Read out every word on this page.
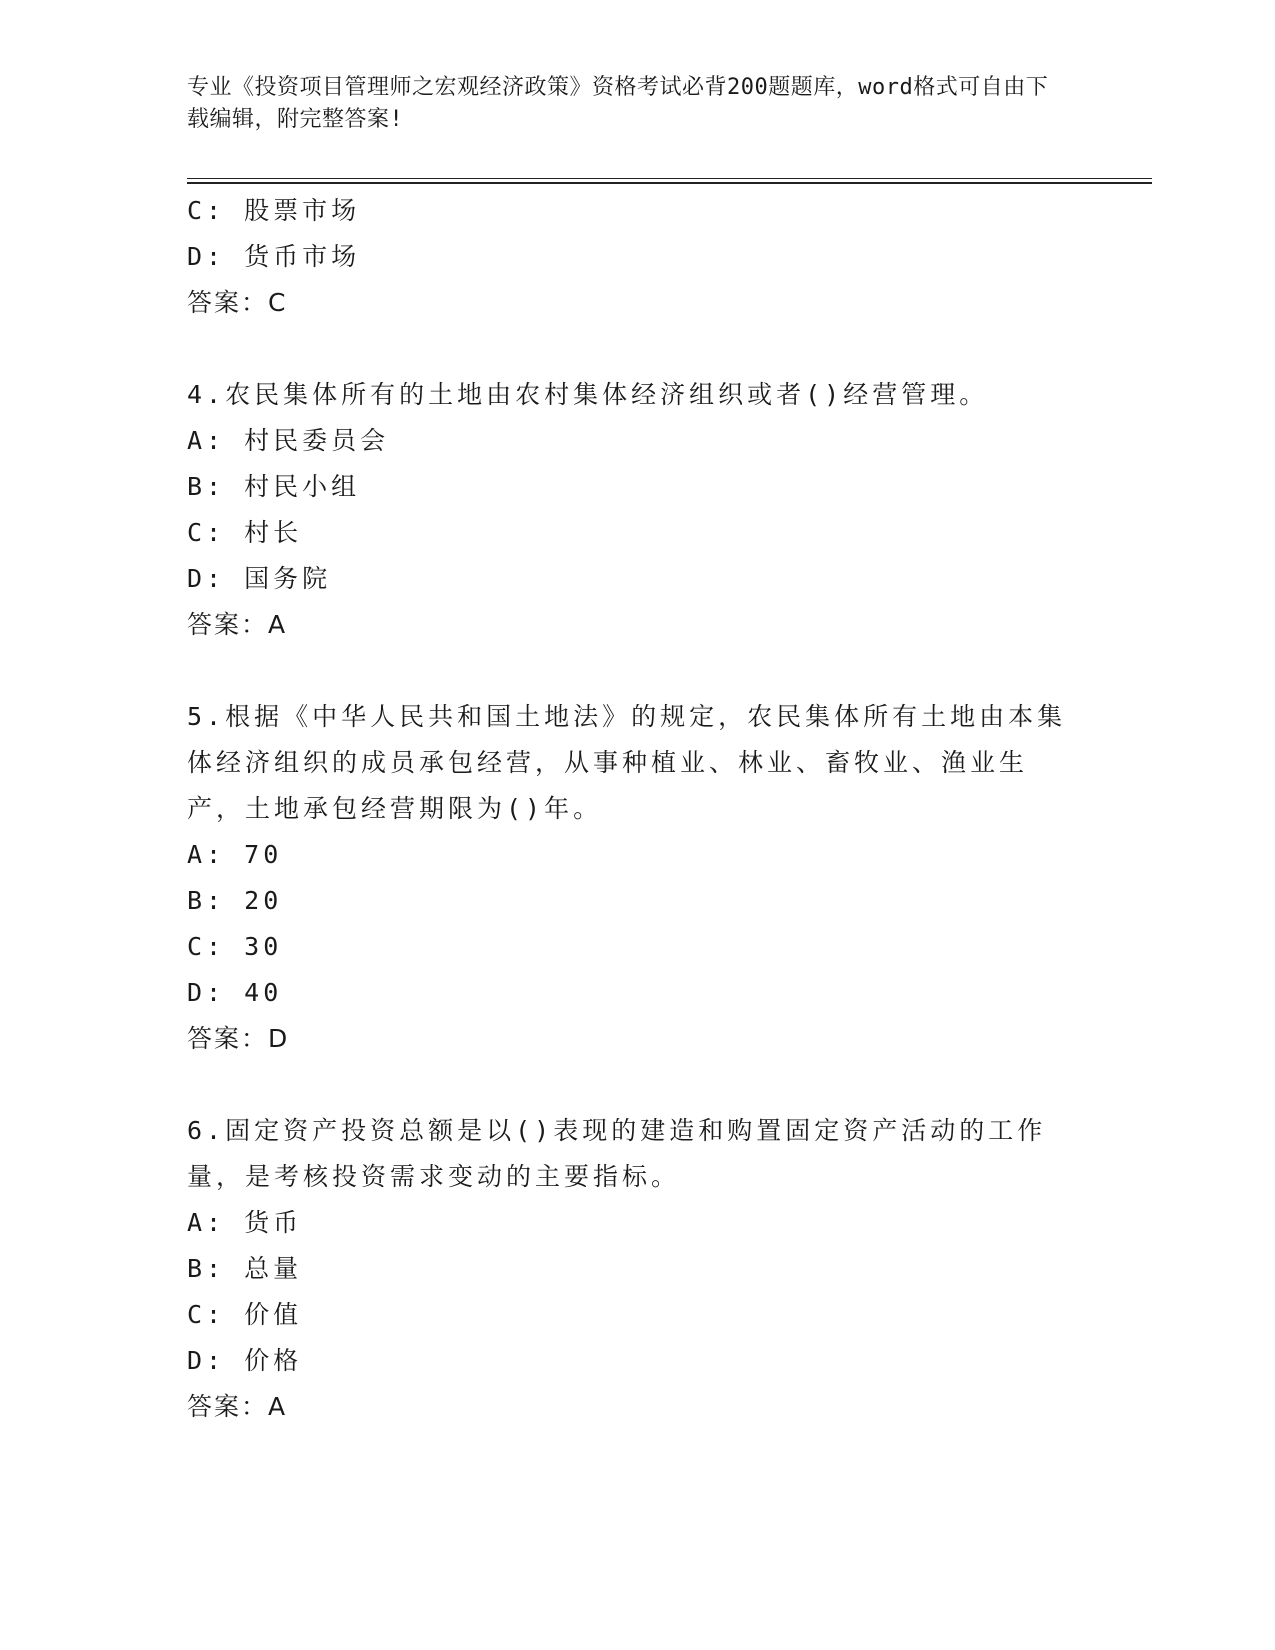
专业《投资项目管理师之宏观经济政策》资格考试必背200题题库，word格式可自由下载编辑，附完整答案!
C: 股票市场
D: 货币市场
答案：C
4.农民集体所有的土地由农村集体经济组织或者()经营管理。
A: 村民委员会
B: 村民小组
C: 村长
D: 国务院
答案：A
5.根据《中华人民共和国土地法》的规定，农民集体所有土地由本集体经济组织的成员承包经营，从事种植业、林业、畜牧业、渔业生产，土地承包经营期限为()年。
A: 70
B: 20
C: 30
D: 40
答案：D
6.固定资产投资总额是以()表现的建造和购置固定资产活动的工作量，是考核投资需求变动的主要指标。
A: 货币
B: 总量
C: 价值
D: 价格
答案：A
